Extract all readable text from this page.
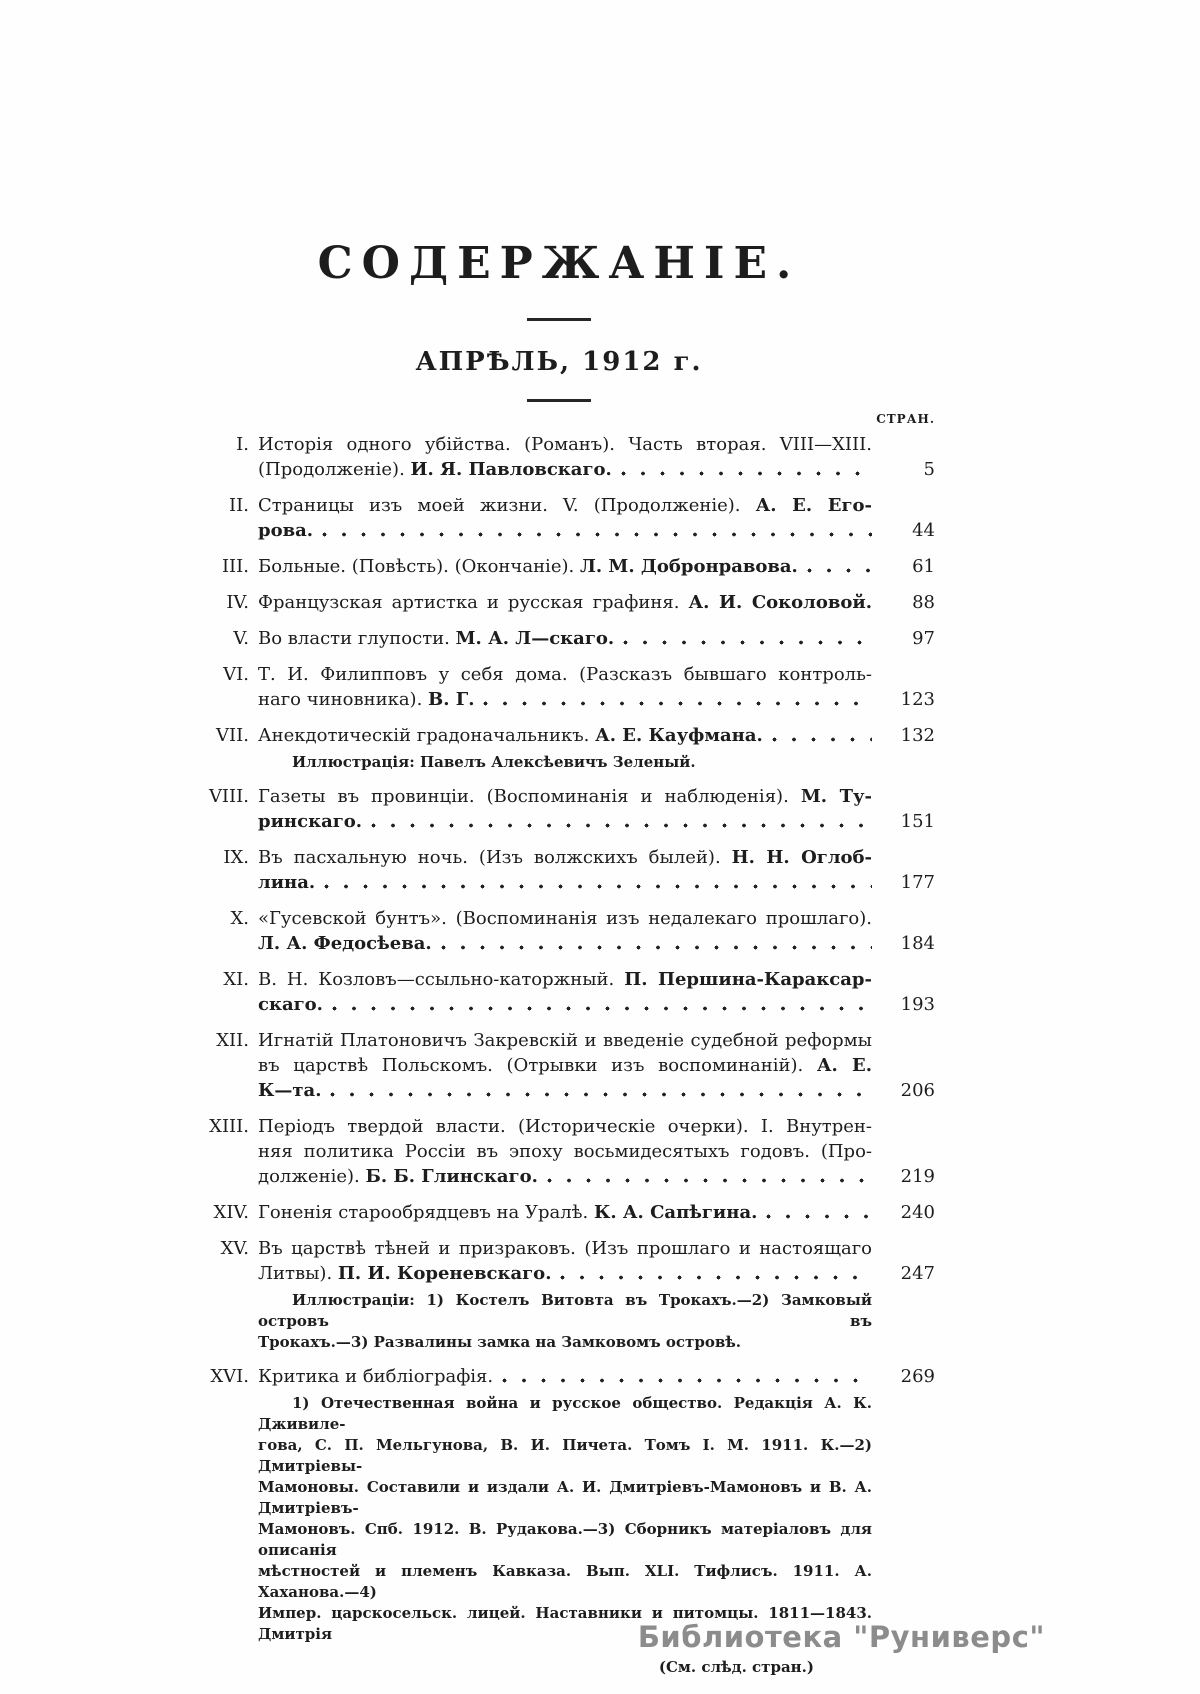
СОДЕРЖАНІЕ.
АПРѢЛЬ, 1912 г.
СТРАН.
I. Исторія одного убійства. (Романъ). Часть вторая. VIII—XIII.
(Продолженіе). И. Я. Павловскаго.	5
II. Страницы изъ моей жизни. V. (Продолженіе). А. Е. Его-
рова.	44
III. Больные. (Повѣсть). (Окончаніе). Л. М. Добронравова.	61
IV. Французская артистка и русская графиня. А. И. Соколовой.	88
V. Во власти глупости. М. А. Л—скаго.	97
VI. Т. И. Филипповъ у себя дома. (Разсказъ бывшаго контроль-
наго чиновника). В. Г.	123
VII. Анекдотическій градоначальникъ. А. Е. Кауфмана.	132
Иллюстрація: Павелъ Алексѣевичъ Зеленый.
VIII. Газеты въ провинціи. (Воспоминанія и наблюденія). М. Ту-
ринскаго.	151
IX. Въ пасхальную ночь. (Изъ волжскихъ былей). Н. Н. Оглоб-
лина.	177
X. «Гусевской бунтъ». (Воспоминанія изъ недалекаго прошлаго).
Л. А. Федосѣева.	184
XI. В. Н. Козловъ—ссыльно-каторжный. П. Першина-Караксар-
скаго.	193
XII. Игнатій Платоновичъ Закревскій и введеніе судебной реформы
въ царствѣ Польскомъ. (Отрывки изъ воспоминаній). А. Е.
К—та.	206
XIII. Періодъ твердой власти. (Историческіе очерки). I. Внутрен-
няя политика Россіи въ эпоху восьмидесятыхъ годовъ. (Про-
долженіе). Б. Б. Глинскаго.	219
XIV. Гоненія старообрядцевъ на Уралѣ. К. А. Сапѣгина.	240
XV. Въ царствѣ тѣней и призраковъ. (Изъ прошлаго и настоящаго
Литвы). П. И. Кореневскаго.	247
Иллюстраціи: 1) Костелъ Витовта въ Трокахъ.—2) Замковый островъ въ
Трокахъ.—3) Развалины замка на Замковомъ островѣ.
XVI. Критика и библіографія.	269
1) Отечественная война и русское общество. Редакція А. К. Дживиле-
гова, С. П. Мельгунова, В. И. Пичета. Томъ I. М. 1911. К.—2) Дмитріевы-
Мамоновы. Составили и издали А. И. Дмитріевъ-Мамоновъ и В. А. Дмитріевъ-
Мамоновъ. Спб. 1912. В. Рудакова.—3) Сборникъ матеріаловъ для описанія
мѣстностей и племенъ Кавказа. Вып. XLI. Тифлисъ. 1911. А. Хаханова.—4)
Импер. царскосельск. лицей. Наставники и питомцы. 1811—1843. Дмитрія
(См. слѣд. стран.)
Библиотека "Руниверс"
